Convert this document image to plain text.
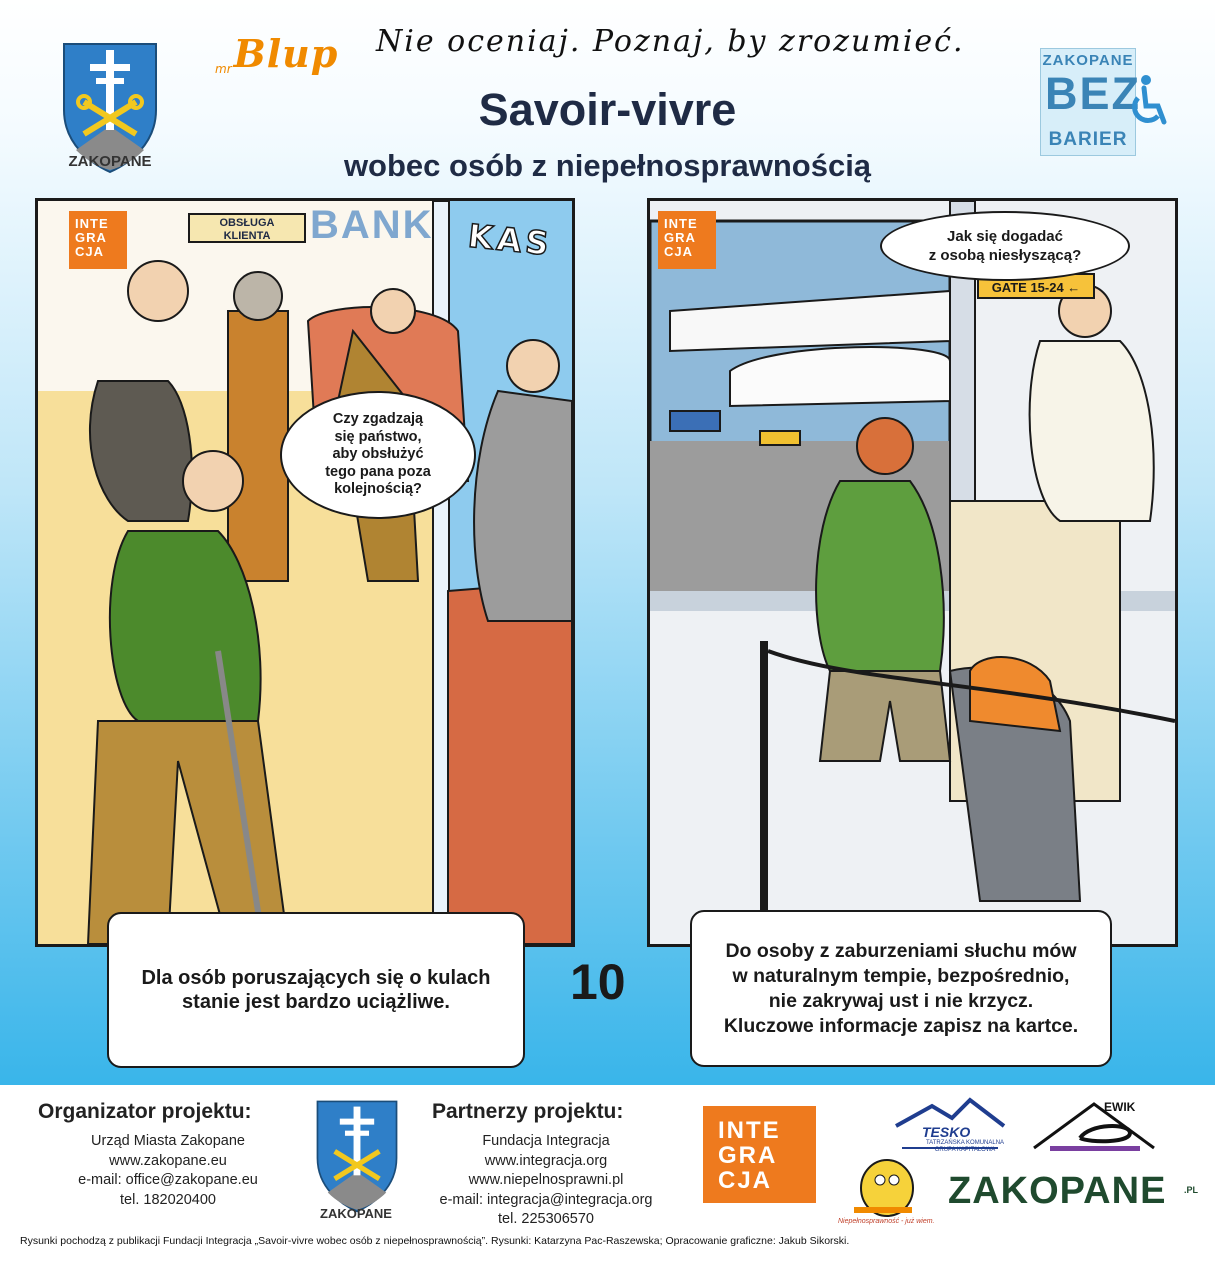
ZAKOPANE
mr Blup Nie oceniaj. Poznaj, by zrozumieć.
Savoir-vivre
wobec osób z niepełnosprawnością
ZAKOPANE
BEZ
BARIER
INTE
GRA
CJA
OBSŁUGA
KLIENTA BANK KAS
Czy zgadzają
się państwo,
aby obsłużyć
tego pana poza
kolejnością?
INTE
GRA
CJA
GATE 15-24 ←
Jak się dogadać
z osobą niesłyszącą?
Dla osób poruszających się o kulach
stanie jest bardzo uciążliwe.	10
Do osoby z zaburzeniami słuchu mów
w naturalnym tempie, bezpośrednio,
nie zakrywaj ust i nie krzycz.
Kluczowe informacje zapisz na kartce.
Organizator projektu:
Urząd Miasta Zakopane
www.zakopane.eu
e-mail: office@zakopane.eu
tel. 182020400
ZAKOPANE
Partnerzy projektu:
Fundacja Integracja
www.integracja.org
www.niepelnosprawni.pl
e-mail: integracja@integracja.org
tel. 225306570
INTE
GRA
CJA
TESKO
TATRZAŃSKA KOMUNALNA GRUPA KAPITAŁOWA
EWIK
Niepełnosprawność - już wiem.
ZAKOPANE .PL
Rysunki pochodzą z publikacji Fundacji Integracja „Savoir-vivre wobec osób z niepełnosprawnością”. Rysunki: Katarzyna Pac-Raszewska; Opracowanie graficzne: Jakub Sikorski.
